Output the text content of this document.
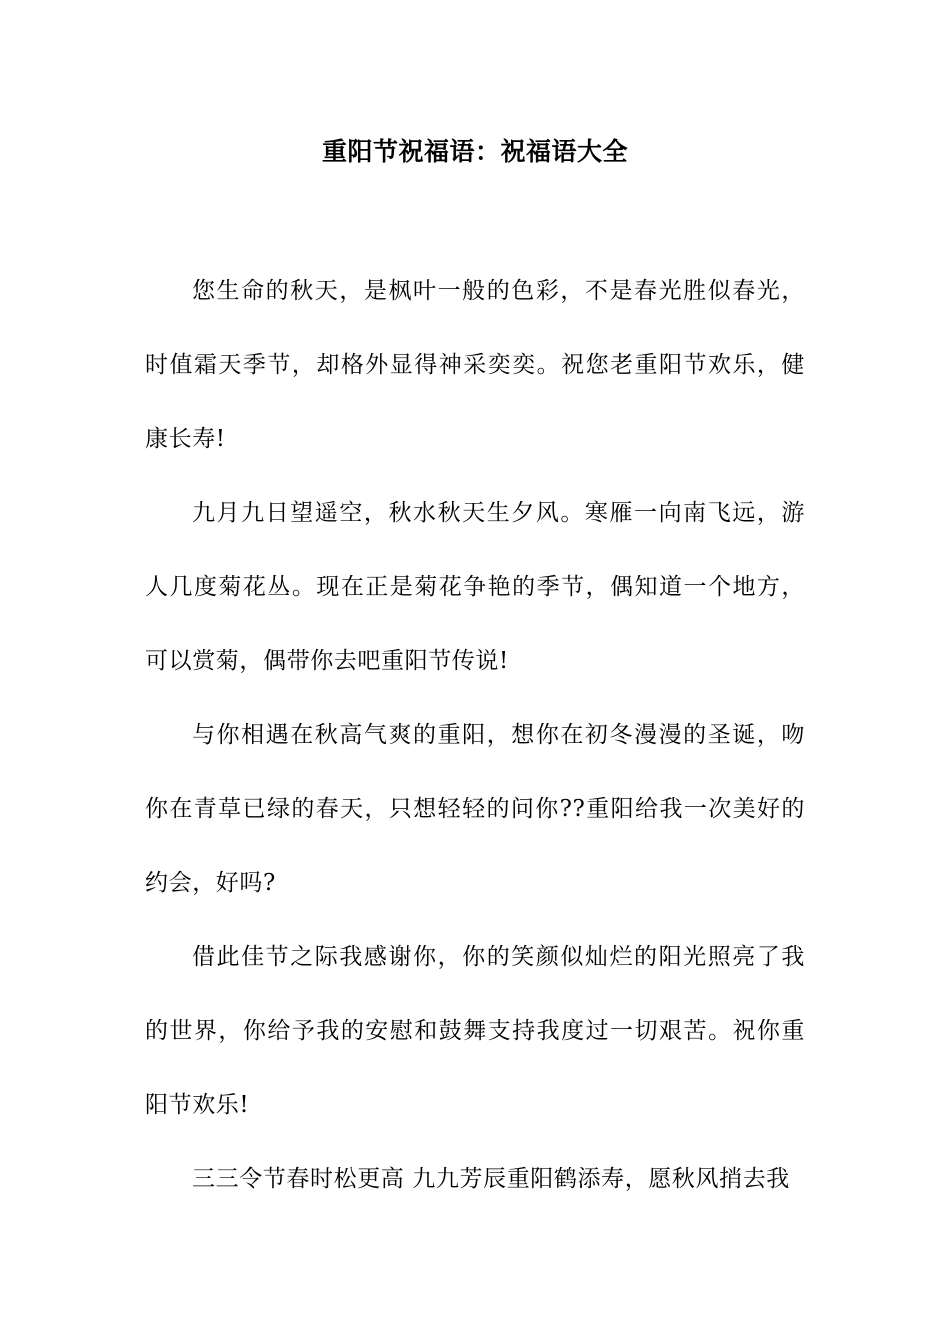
重阳节祝福语：祝福语大全

您生命的秋天，是枫叶一般的色彩，不是春光胜似春光，时值霜天季节，却格外显得神采奕奕。祝您老重阳节欢乐，健康长寿!

九月九日望遥空，秋水秋天生夕风。寒雁一向南飞远，游人几度菊花丛。现在正是菊花争艳的季节，偶知道一个地方，可以赏菊，偶带你去吧重阳节传说!

与你相遇在秋高气爽的重阳，想你在初冬漫漫的圣诞，吻你在青草已绿的春天，只想轻轻的问你??重阳给我一次美好的约会，好吗?

借此佳节之际我感谢你，你的笑颜似灿烂的阳光照亮了我的世界，你给予我的安慰和鼓舞支持我度过一切艰苦。祝你重阳节欢乐!

三三令节春时松更高 九九芳辰重阳鹤添寿，愿秋风捎去我
